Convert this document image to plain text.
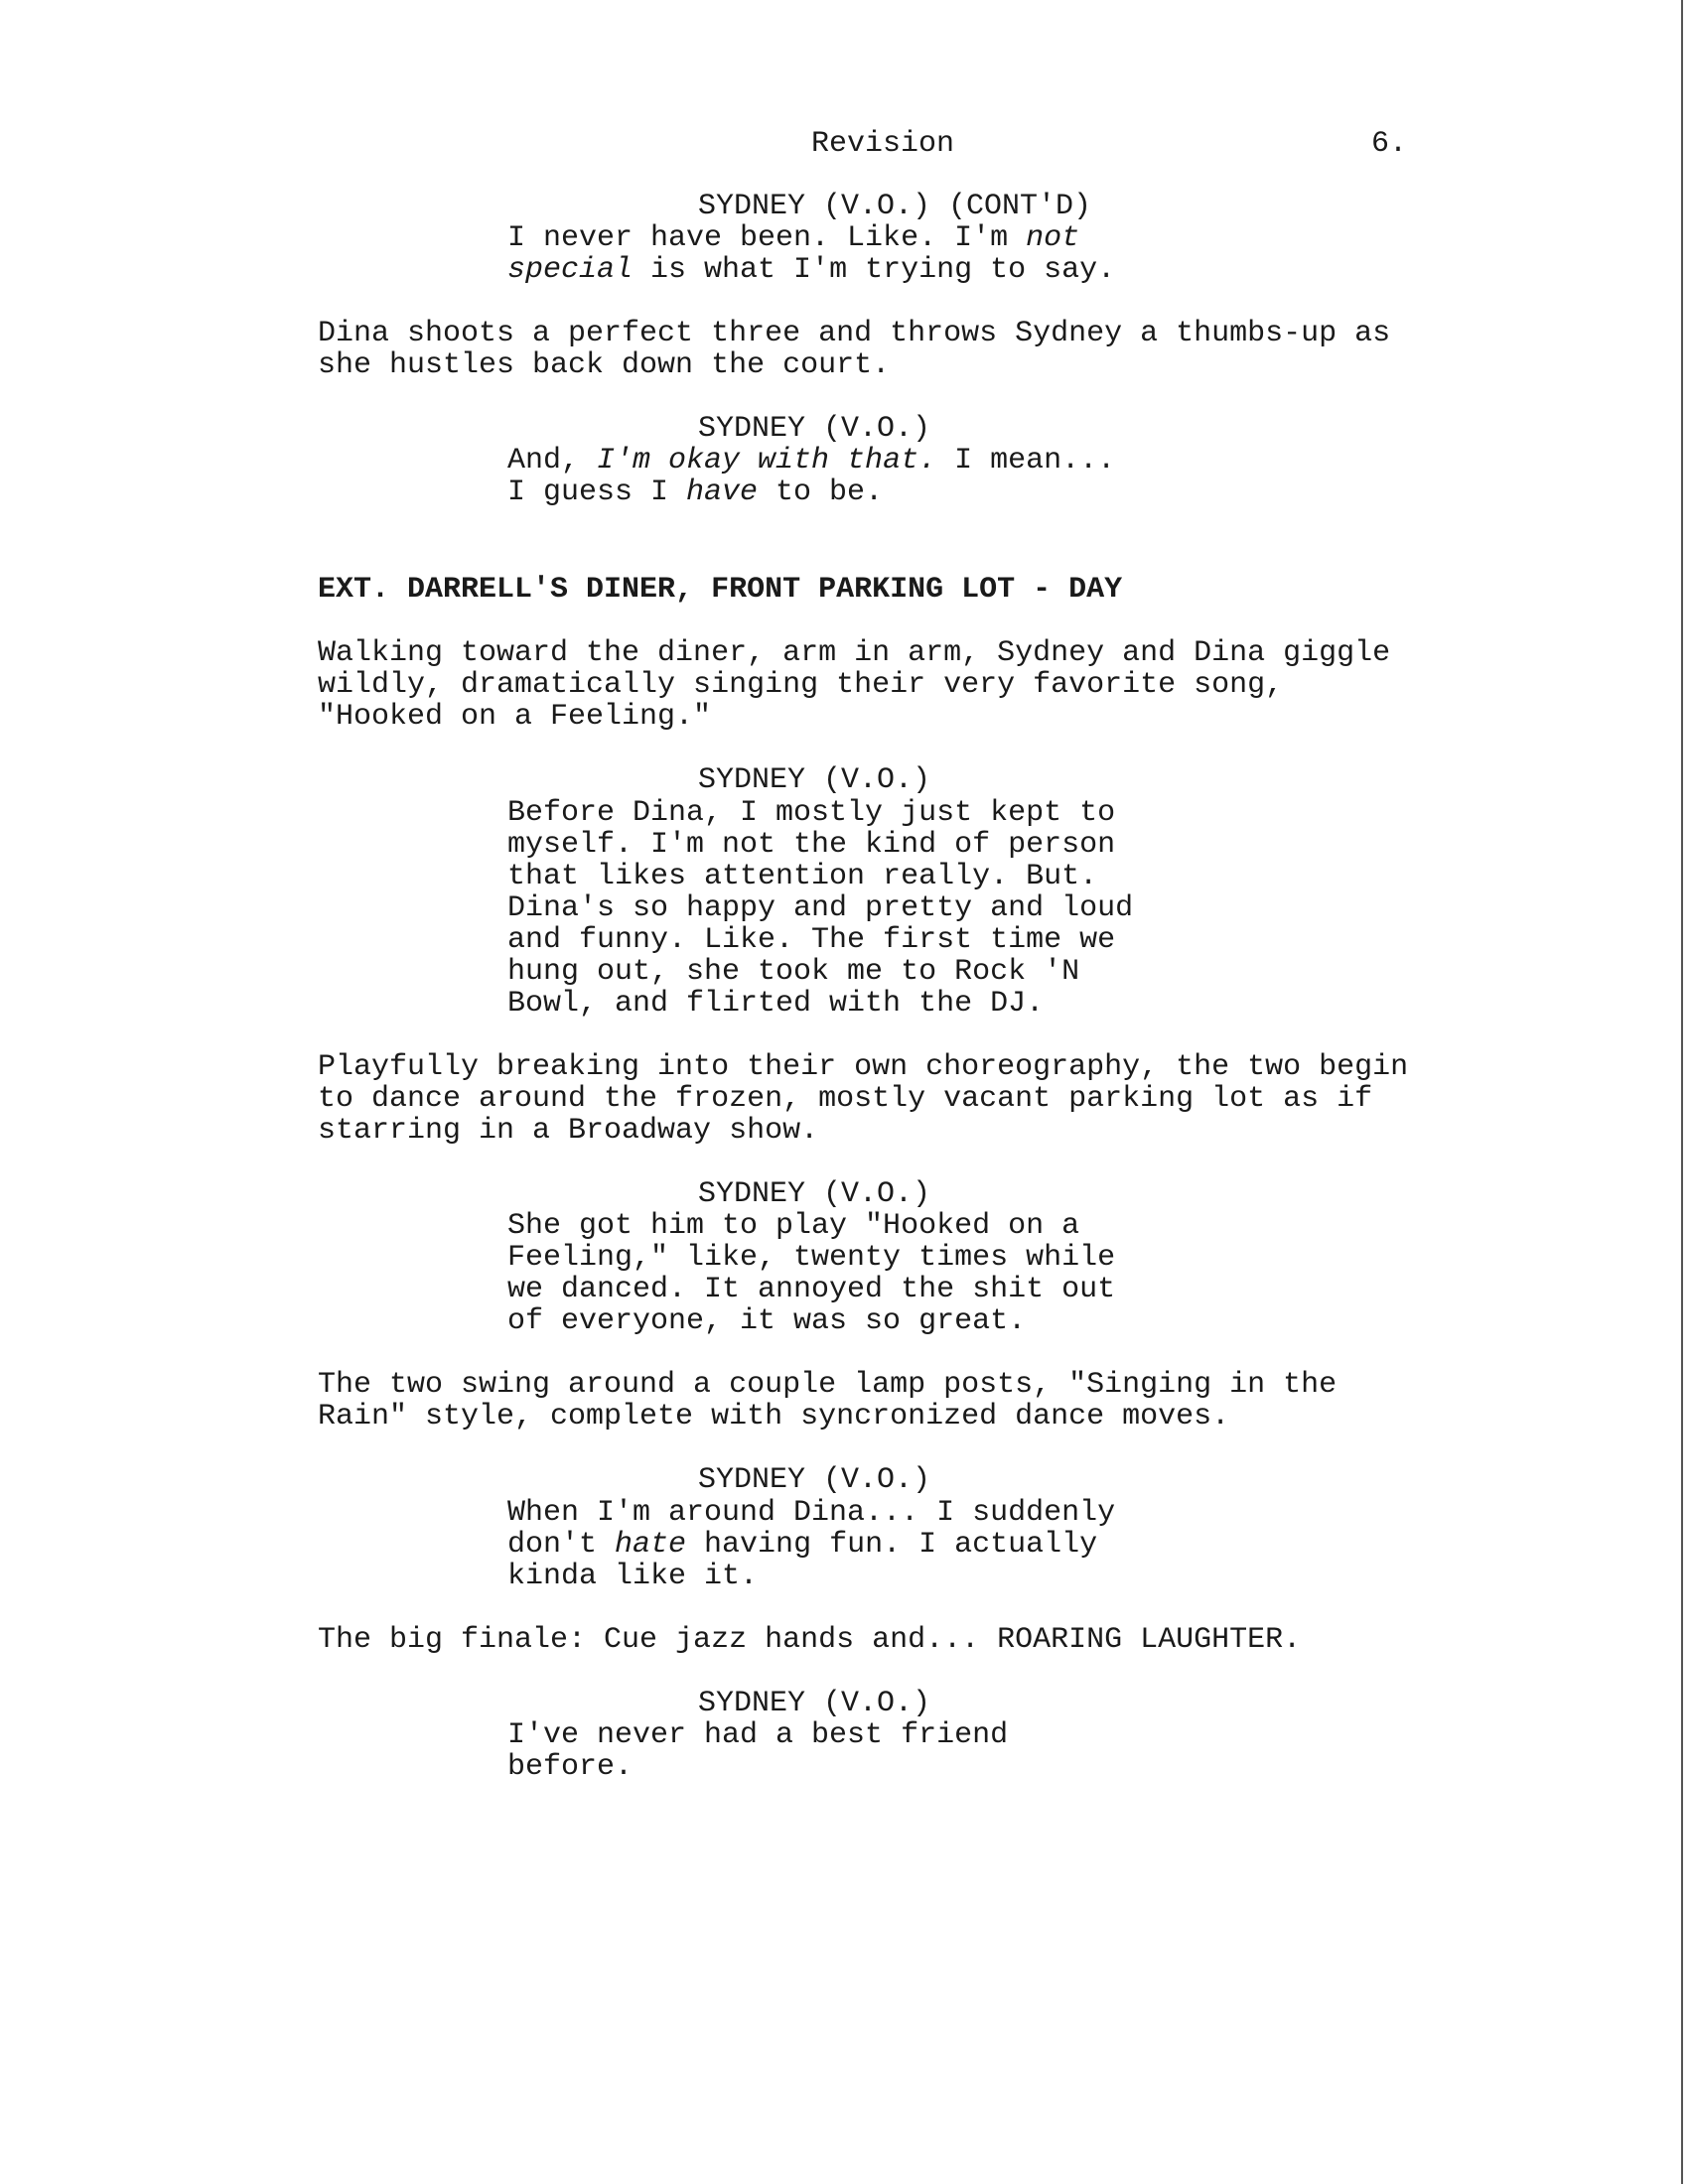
Revision	6.
SYDNEY (V.O.) (CONT'D)
I never have been. Like. I'm not
special is what I'm trying to say.
Dina shoots a perfect three and throws Sydney a thumbs-up as
she hustles back down the court.
SYDNEY (V.O.)
And, I'm okay with that. I mean...
I guess I have to be.
EXT. DARRELL'S DINER, FRONT PARKING LOT - DAY
Walking toward the diner, arm in arm, Sydney and Dina giggle
wildly, dramatically singing their very favorite song,
"Hooked on a Feeling."
SYDNEY (V.O.)
Before Dina, I mostly just kept to
myself. I'm not the kind of person
that likes attention really. But.
Dina's so happy and pretty and loud
and funny. Like. The first time we
hung out, she took me to Rock 'N
Bowl, and flirted with the DJ.
Playfully breaking into their own choreography, the two begin
to dance around the frozen, mostly vacant parking lot as if
starring in a Broadway show.
SYDNEY (V.O.)
She got him to play "Hooked on a
Feeling," like, twenty times while
we danced. It annoyed the shit out
of everyone, it was so great.
The two swing around a couple lamp posts, "Singing in the
Rain" style, complete with syncronized dance moves.
SYDNEY (V.O.)
When I'm around Dina... I suddenly
don't hate having fun. I actually
kinda like it.
The big finale: Cue jazz hands and... ROARING LAUGHTER.
SYDNEY (V.O.)
I've never had a best friend
before.
